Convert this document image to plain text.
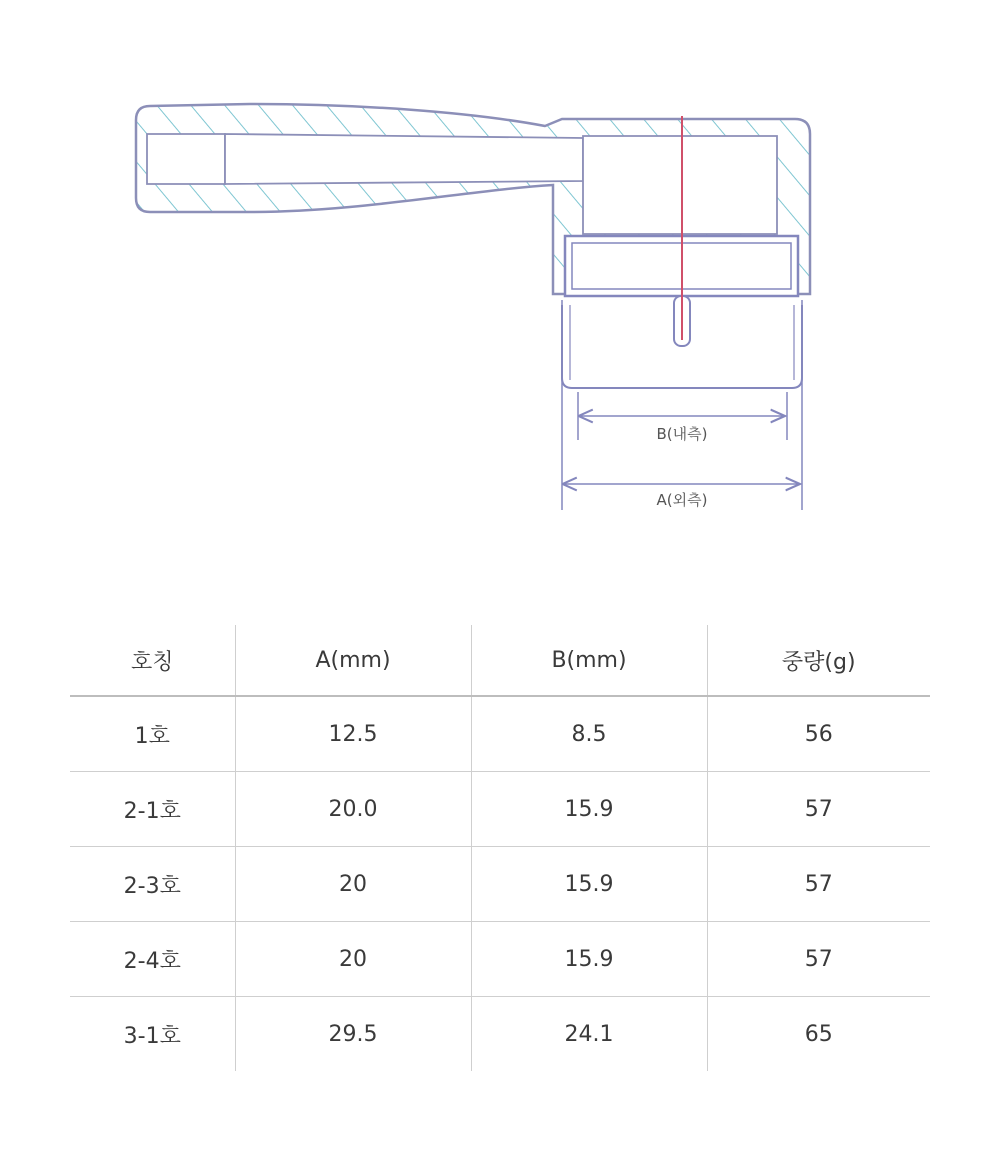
B(내측)
A(외측)
호칭	A(mm)	B(mm)	중량(g)
1호	12.5	8.5	56
2-1호	20.0	15.9	57
2-3호	20	15.9	57
2-4호	20	15.9	57
3-1호	29.5	24.1	65
